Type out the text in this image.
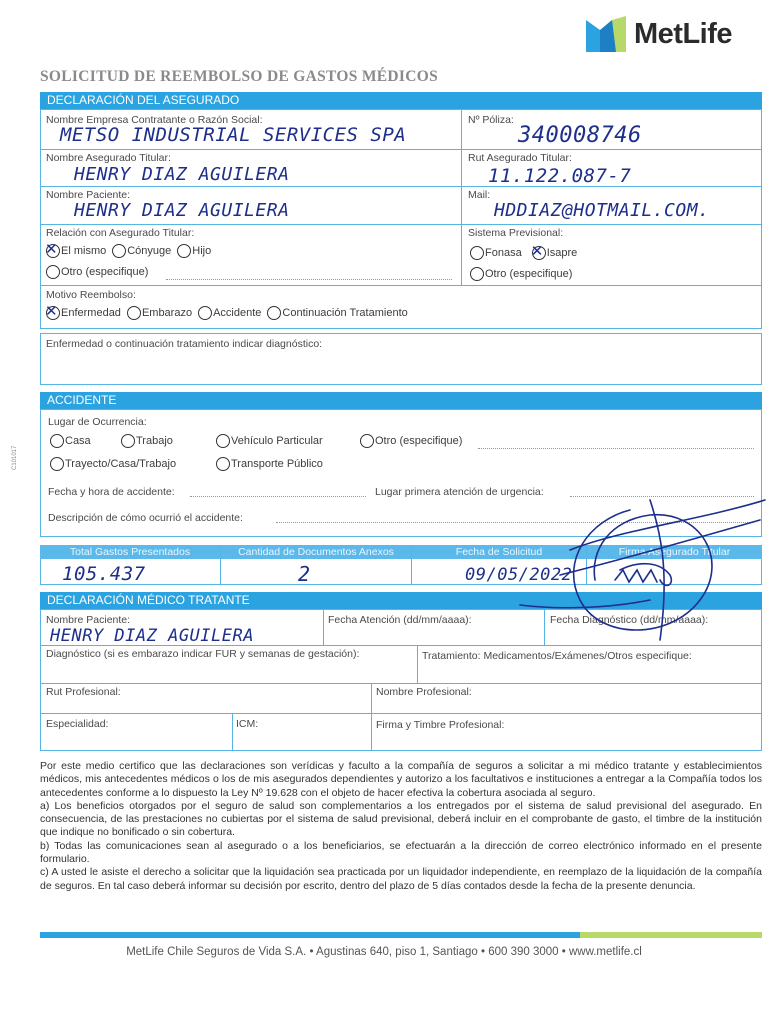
MetLife
SOLICITUD DE REEMBOLSO DE GASTOS MÉDICOS
C101017
DECLARACIÓN DEL ASEGURADO
Nombre Empresa Contratante o Razón Social:
METSO INDUSTRIAL SERVICES SPA
Nº Póliza:
340008746
Nombre Asegurado Titular:
HENRY DIAZ AGUILERA
Rut Asegurado Titular:
11.122.087-7
Nombre Paciente:
HENRY DIAZ AGUILERA
Mail:
HDDIAZ@HOTMAIL.COM.
Relación con Asegurado Titular:
✕
El mismo Cónyuge Hijo
Otro (especifique)
Sistema Previsional:
Fonasa
✕ Isapre
Otro (especifique)
Motivo Reembolso:
✕
Enfermedad Embarazo Accidente Continuación Tratamiento
Enfermedad o continuación tratamiento indicar diagnóstico:
ACCIDENTE
Lugar de Ocurrencia:
Casa	Trabajo	Vehículo Particular	Otro (especifique)
Trayecto/Casa/Trabajo	Transporte Público
Fecha y hora de accidente:	Lugar primera atención de urgencia:
Descripción de cómo ocurrió el accidente:
Total Gastos Presentados	Cantidad de Documentos Anexos	Fecha de Solicitud	Firma Asegurado Titular
105.437	2	09/05/2022
DECLARACIÓN MÉDICO TRATANTE
Nombre Paciente:
HENRY DIAZ AGUILERA
Fecha Atención (dd/mm/aaaa):	Fecha Diagnóstico (dd/mm/aaaa):
Diagnóstico (si es embarazo indicar FUR y semanas de gestación):	Tratamiento: Medicamentos/Exámenes/Otros especifique:
Rut Profesional:	Nombre Profesional:
Especialidad:	ICM:	Firma y Timbre Profesional:

Por este medio certifico que las declaraciones son verídicas y faculto a la compañía de seguros a solicitar a mi médico tratante y establecimientos médicos, mis antecedentes médicos o los de mis asegurados dependientes y autorizo a los facultativos e instituciones a entregar a la Compañía todos los antecedentes conforme a lo dispuesto la Ley Nº 19.628 con el objeto de hacer efectiva la cobertura asociada al seguro.

a) Los beneficios otorgados por el seguro de salud son complementarios a los entregados por el sistema de salud previsional del asegurado. En consecuencia, de las prestaciones no cubiertas por el sistema de salud previsional, deberá incluir en el comprobante de gasto, el timbre de la institución que indique no bonificado o sin cobertura.

b) Todas las comunicaciones sean al asegurado o a los beneficiarios, se efectuarán a la dirección de correo electrónico informado en el presente formulario.

c) A usted le asiste el derecho a solicitar que la liquidación sea practicada por un liquidador independiente, en reemplazo de la liquidación de la compañía de seguros. En tal caso deberá informar su decisión por escrito, dentro del plazo de 5 días contados desde la fecha de la presente denuncia.

MetLife Chile Seguros de Vida S.A. • Agustinas 640, piso 1, Santiago • 600 390 3000 • www.metlife.cl
